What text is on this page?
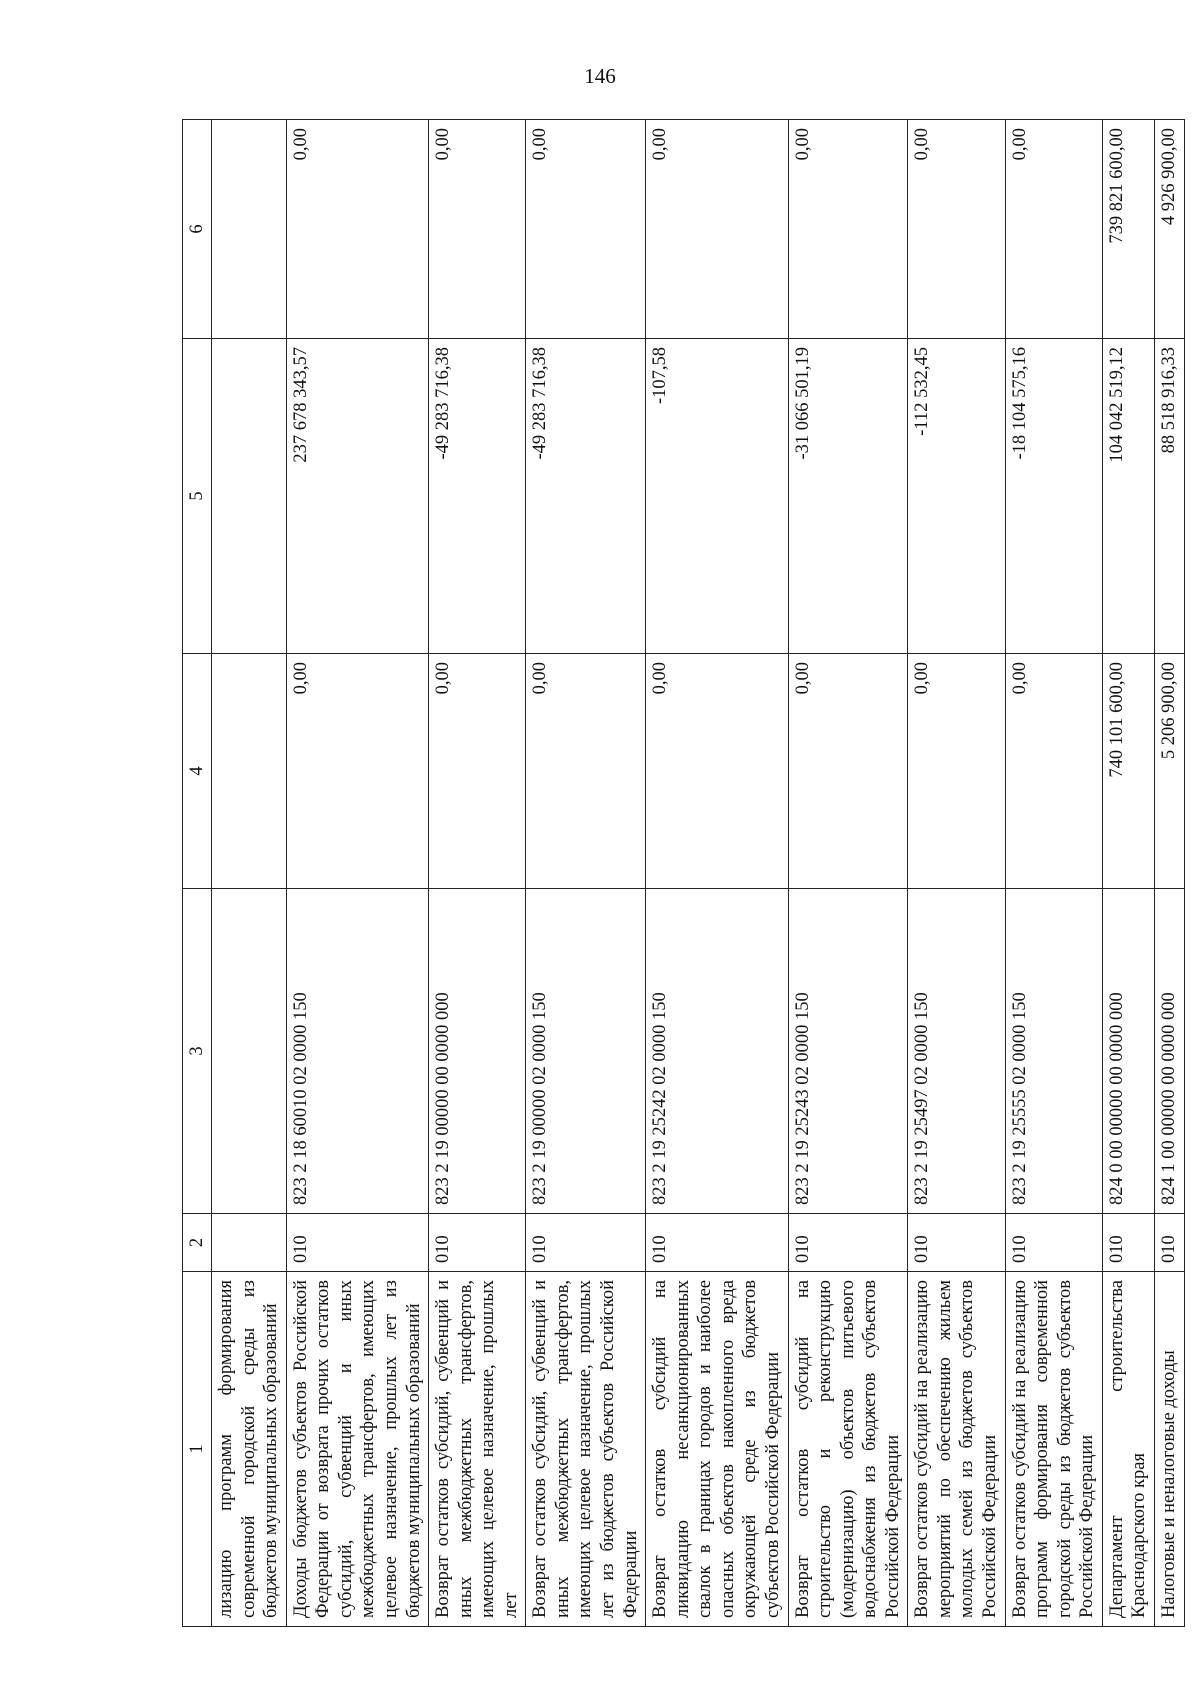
146
1	2	3	4	5	6
лизацию программ формирования современной городской среды из бюджетов муниципальных образований					
Доходы бюджетов субъектов Российской Федерации от возврата прочих остатков субсидий, субвенций и иных межбюджетных трансфертов, имеющих целевое назначение, прошлых лет из бюджетов муниципальных образований	010	823 2 18 60010 02 0000 150	0,00	237 678 343,57	0,00
Возврат остатков субсидий, субвенций и иных межбюджетных трансфертов, имеющих целевое назначение, прошлых лет	010	823 2 19 00000 00 0000 000	0,00	-49 283 716,38	0,00
Возврат остатков субсидий, субвенций и иных межбюджетных трансфертов, имеющих целевое назначение, прошлых лет из бюджетов субъектов Российской Федерации	010	823 2 19 00000 02 0000 150	0,00	-49 283 716,38	0,00
Возврат остатков субсидий на ликвидацию несанкционированных свалок в границах городов и наиболее опасных объектов накопленного вреда окружающей среде из бюджетов субъектов Российской Федерации	010	823 2 19 25242 02 0000 150	0,00	-107,58	0,00
Возврат остатков субсидий на строительство и реконструкцию (модернизацию) объектов питьевого водоснабжения из бюджетов субъектов Российской Федерации	010	823 2 19 25243 02 0000 150	0,00	-31 066 501,19	0,00
Возврат остатков субсидий на реализацию мероприятий по обеспечению жильем молодых семей из бюджетов субъектов Российской Федерации	010	823 2 19 25497 02 0000 150	0,00	-112 532,45	0,00
Возврат остатков субсидий на реализацию программ формирования современной городской среды из бюджетов субъектов Российской Федерации	010	823 2 19 25555 02 0000 150	0,00	-18 104 575,16	0,00
Департамент строительства Краснодарского края	010	824 0 00 00000 00 0000 000	740 101 600,00	104 042 519,12	739 821 600,00
Налоговые и неналоговые доходы	010	824 1 00 00000 00 0000 000	5 206 900,00	88 518 916,33	4 926 900,00
